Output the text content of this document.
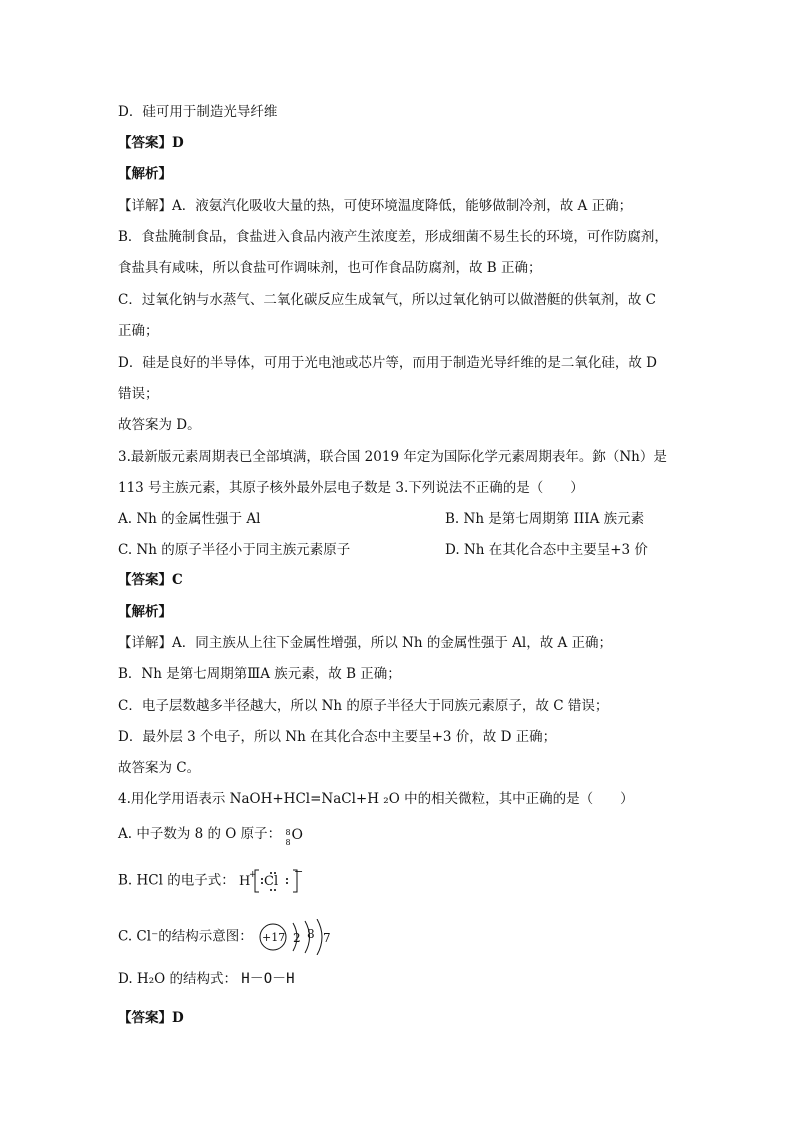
D．硅可用于制造光导纤维
【答案】D
【解析】
【详解】A．液氨汽化吸收大量的热，可使环境温度降低，能够做制冷剂，故 A 正确；
B．食盐腌制食品，食盐进入食品内液产生浓度差，形成细菌不易生长的环境，可作防腐剂，
食盐具有咸味，所以食盐可作调味剂，也可作食品防腐剂，故 B 正确；
C．过氧化钠与水蒸气、二氧化碳反应生成氧气，所以过氧化钠可以做潜艇的供氧剂，故 C
正确；
D．硅是良好的半导体，可用于光电池或芯片等，而用于制造光导纤维的是二氧化硅，故 D
错误；
故答案为 D。
3.最新版元素周期表已全部填满，联合国 2019 年定为国际化学元素周期表年。鉨（Nh）是
113 号主族元素，其原子核外最外层电子数是 3.下列说法不正确的是（　　）
A. Nh 的金属性强于 Al	B. Nh 是第七周期第 IIIA 族元素
C. Nh 的原子半径小于同主族元素原子	D. Nh 在其化合态中主要呈+3 价
【答案】C
【解析】
【详解】A．同主族从上往下金属性增强，所以 Nh 的金属性强于 Al，故 A 正确；
B．Nh 是第七周期第ⅢA 族元素，故 B 正确；
C．电子层数越多半径越大，所以 Nh 的原子半径大于同族元素原子，故 C 错误；
D．最外层 3 个电子，所以 Nh 在其化合态中主要呈+3 价，故 D 正确；
故答案为 C。
4.用化学用语表示 NaOH+HCl=NaCl+H ₂O 中的相关微粒，其中正确的是（　　）
A. 中子数为 8 的 O 原子： 8
8 O
B. HCl 的电子式： H
+ Cl
−
C. Cl⁻的结构示意图： +17 2 8 7
D. H₂O 的结构式： H－O－H
【答案】D
